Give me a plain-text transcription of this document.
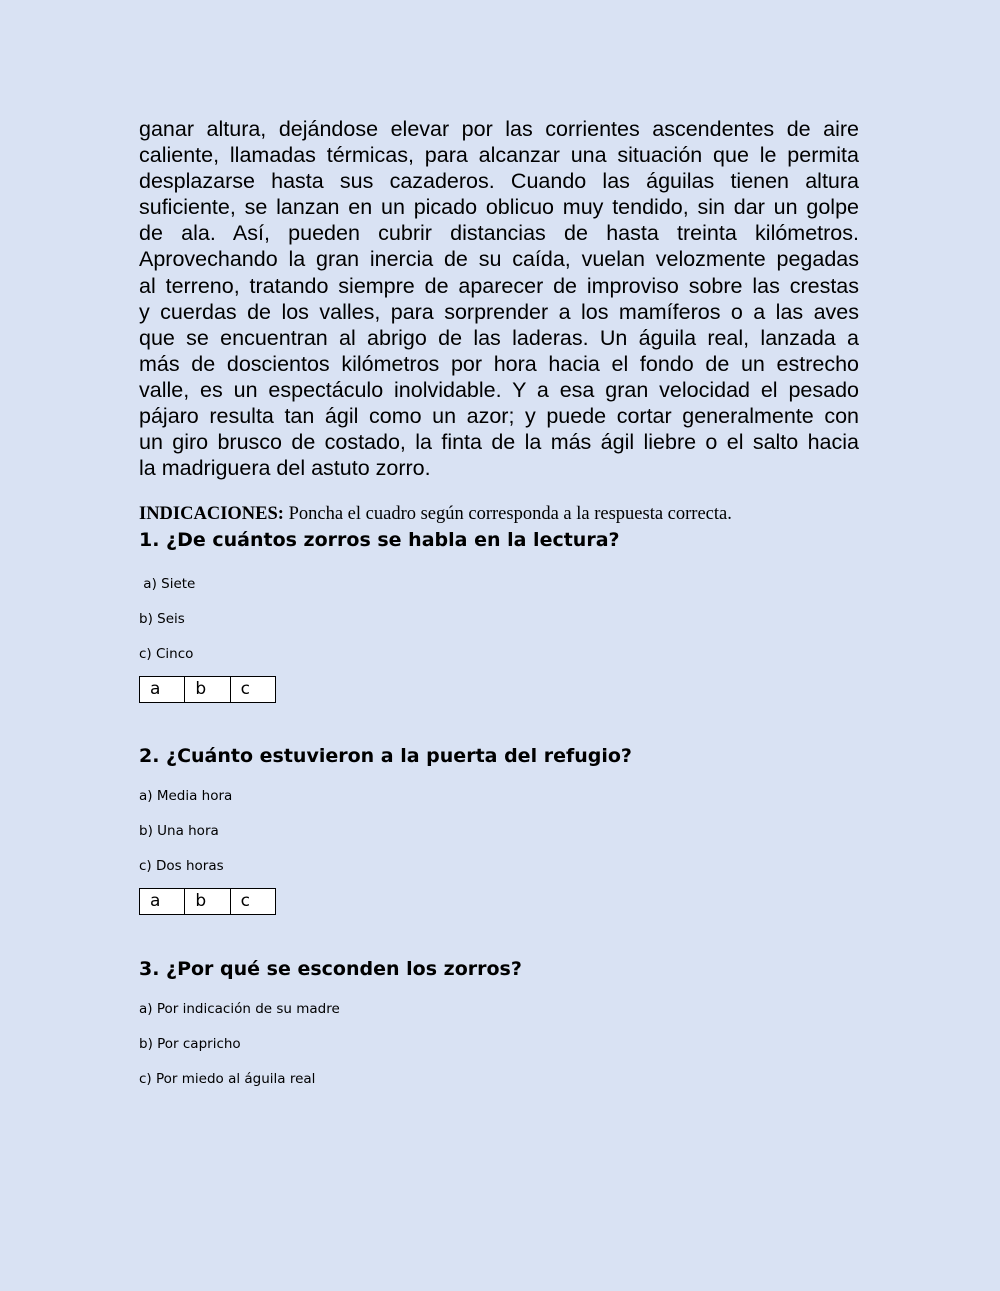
ganar altura, dejándose elevar por las corrientes ascendentes de aire
caliente, llamadas térmicas, para alcanzar una situación que le permita
desplazarse hasta sus cazaderos. Cuando las águilas tienen altura
suficiente, se lanzan en un picado oblicuo muy tendido, sin dar un golpe
de ala. Así, pueden cubrir distancias de hasta treinta kilómetros.
Aprovechando la gran inercia de su caída, vuelan velozmente pegadas
al terreno, tratando siempre de aparecer de improviso sobre las crestas
y cuerdas de los valles, para sorprender a los mamíferos o a las aves
que se encuentran al abrigo de las laderas. Un águila real, lanzada a
más de doscientos kilómetros por hora hacia el fondo de un estrecho
valle, es un espectáculo inolvidable. Y a esa gran velocidad el pesado
pájaro resulta tan ágil como un azor; y puede cortar generalmente con
un giro brusco de costado, la finta de la más ágil liebre o el salto hacia
la madriguera del astuto zorro.

INDICACIONES: Poncha el cuadro según corresponda a la respuesta correcta.
1. ¿De cuántos zorros se habla en la lectura?
a) Siete
b) Seis
c) Cinco
a	b	c
2. ¿Cuánto estuvieron a la puerta del refugio?
a) Media hora
b) Una hora
c) Dos horas
a	b	c
3. ¿Por qué se esconden los zorros?
a) Por indicación de su madre
b) Por capricho
c) Por miedo al águila real
